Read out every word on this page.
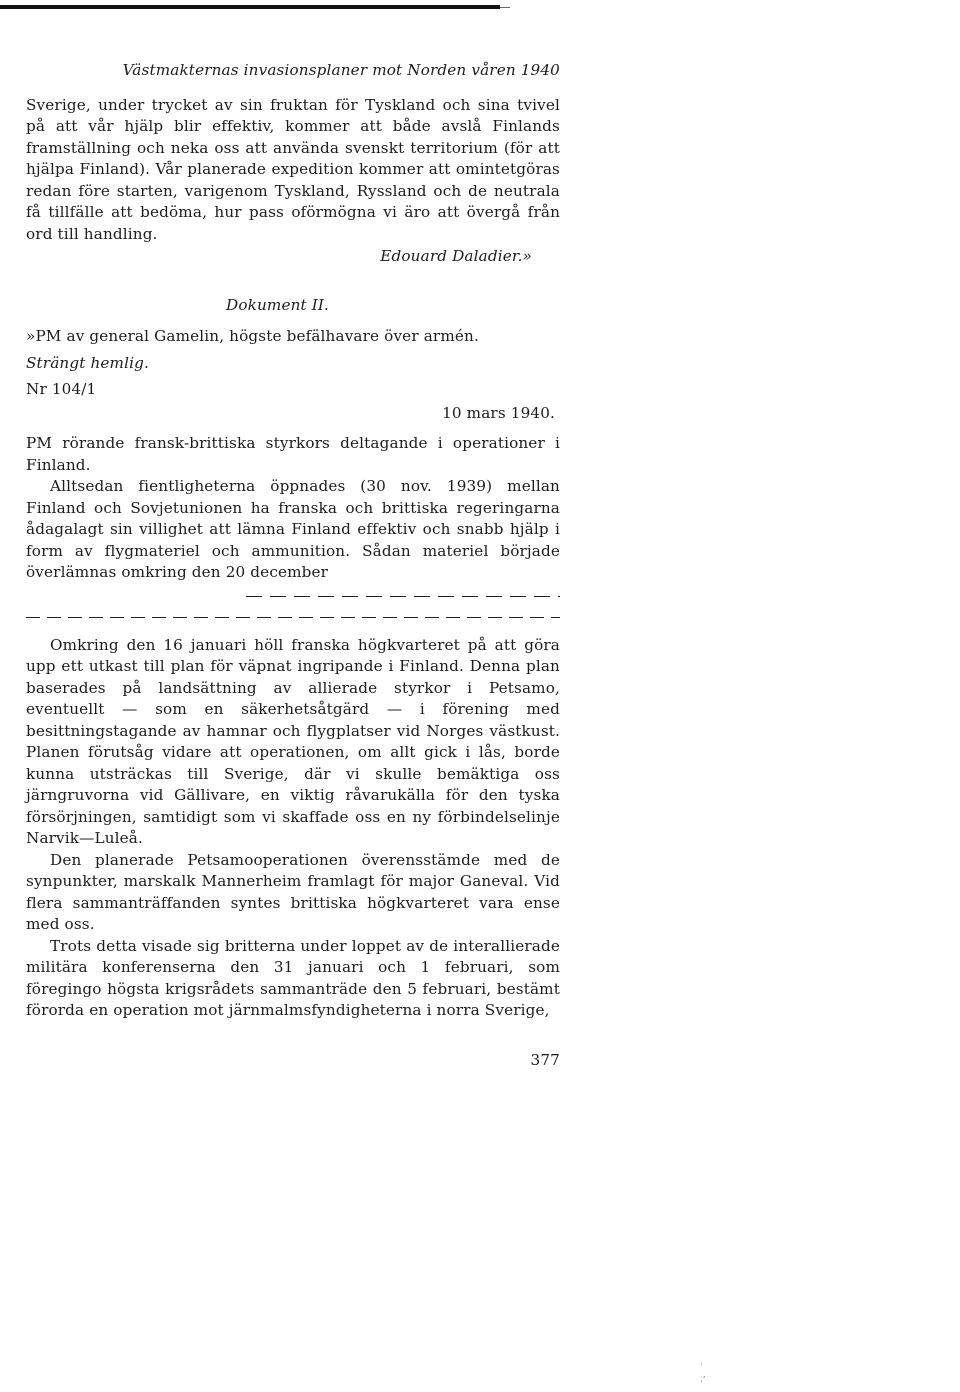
Västmakternas invasionsplaner mot Norden våren 1940

Sverige, under trycket av sin fruktan för Tyskland och sina tvivel på att vår hjälp blir effektiv, kommer att både avslå Finlands framställning och neka oss att använda svenskt territorium (för att hjälpa Finland). Vår planerade expedition kommer att omintetgöras redan före starten, varigenom Tyskland, Ryssland och de neutrala få tillfälle att bedöma, hur pass oförmögna vi äro att övergå från ord till handling.

Edouard Daladier.»
Dokument II.
»PM av general Gamelin, högste befälhavare över armén.
Strängt hemlig.
Nr 104/1
10 mars 1940.

PM rörande fransk-brittiska styrkors deltagande i operationer i Finland.

Alltsedan fientligheterna öppnades (30 nov. 1939) mellan Finland och Sovjetunionen ha franska och brittiska regeringarna ådagalagt sin villighet att lämna Finland effektiv och snabb hjälp i form av flygmateriel och ammunition. Sådan materiel började överlämnas omkring den 20 december

Omkring den 16 januari höll franska högkvarteret på att göra upp ett utkast till plan för väpnat ingripande i Finland. Denna plan baserades på landsättning av allierade styrkor i Petsamo, eventuellt — som en säkerhetsåtgärd — i förening med besittningstagande av hamnar och flygplatser vid Norges västkust. Planen förutsåg vidare att operationen, om allt gick i lås, borde kunna utsträckas till Sverige, där vi skulle bemäktiga oss järngruvorna vid Gällivare, en viktig råvarukälla för den tyska försörjningen, samtidigt som vi skaffade oss en ny förbindelselinje Narvik—Luleå.

Den planerade Petsamooperationen överensstämde med de synpunkter, marskalk Mannerheim framlagt för major Ganeval. Vid flera sammanträffanden syntes brittiska högkvarteret vara ense med oss.

Trots detta visade sig britterna under loppet av de interallierade militära konferenserna den 31 januari och 1 februari, som föregingo högsta krigsrådets sammanträde den 5 februari, bestämt förorda en operation mot järnmalmsfyndigheterna i norra Sverige,

377
·
,
'
